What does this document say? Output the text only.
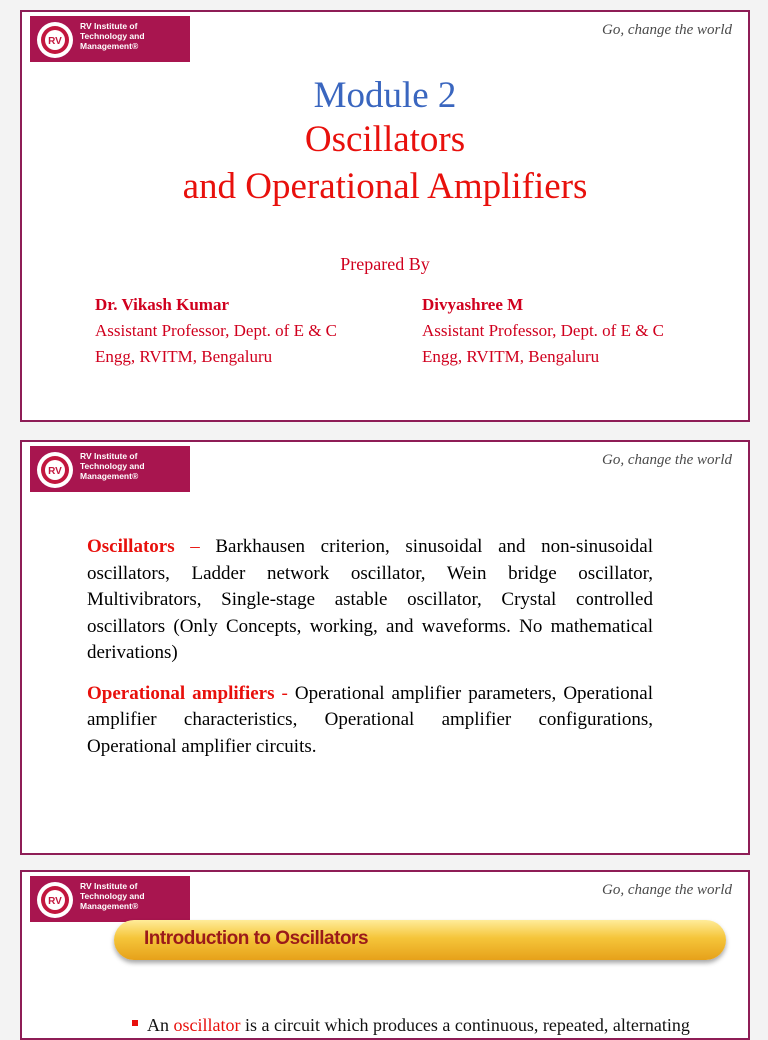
RV
RV Institute of
Technology and
Management®
Go, change the world
Module 2
Oscillators
and Operational Amplifiers
Prepared By
Dr. Vikash Kumar
Assistant Professor, Dept. of E & C
Engg, RVITM, Bengaluru
Divyashree M
Assistant Professor, Dept. of E & C
Engg, RVITM, Bengaluru
RV
RV Institute of
Technology and
Management®
Go, change the world

Oscillators – Barkhausen criterion, sinusoidal and non-sinusoidal oscillators, Ladder network oscillator, Wein bridge oscillator, Multivibrators, Single-stage astable oscillator, Crystal controlled oscillators (Only Concepts, working, and waveforms. No mathematical derivations)

Operational amplifiers - Operational amplifier parameters, Operational amplifier characteristics, Operational amplifier configurations, Operational amplifier circuits.

RV
RV Institute of
Technology and
Management®
Go, change the world
Introduction to Oscillators
An oscillator is a circuit which produces a continuous, repeated, alternating
